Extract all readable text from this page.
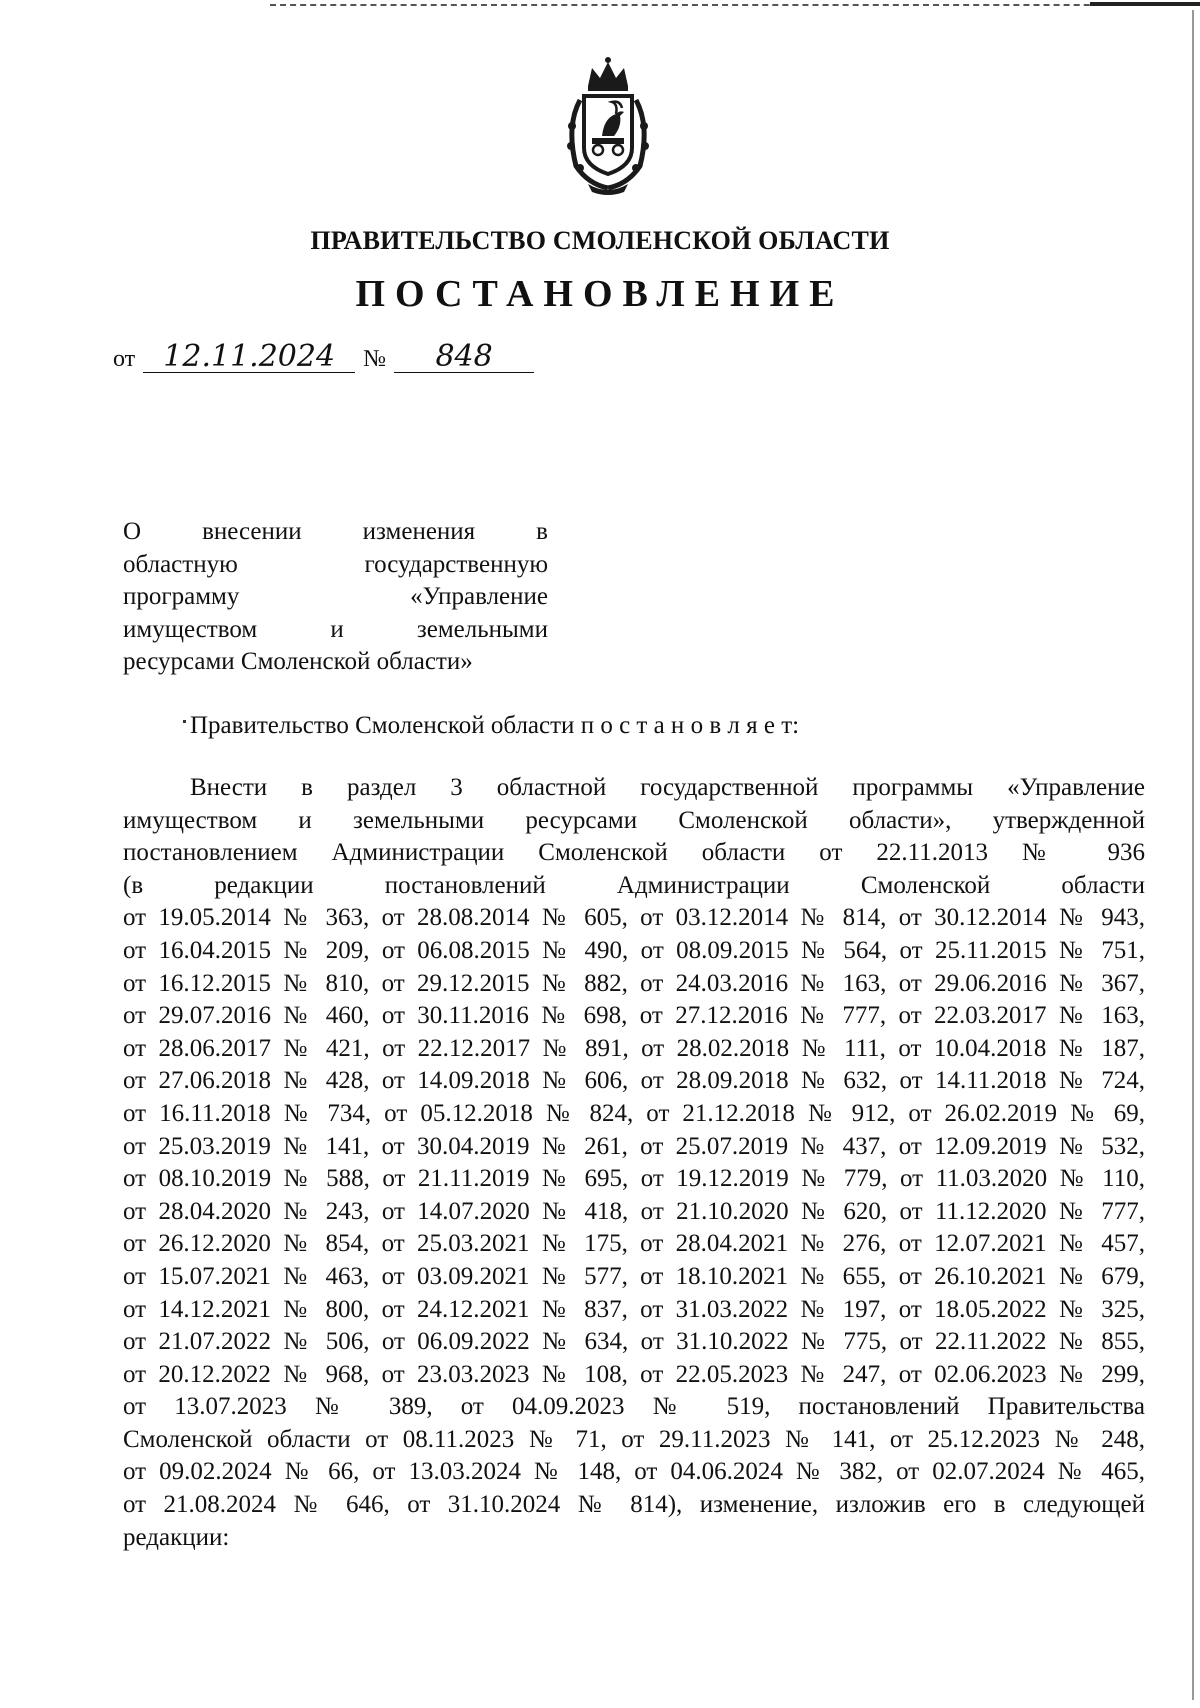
ПРАВИТЕЛЬСТВО СМОЛЕНСКОЙ ОБЛАСТИ
ПОСТАНОВЛЕНИЕ
от 12.11.2024	№	848
О внесении изменения в
областную государственную
программу «Управление
имуществом и земельными
ресурсами Смоленской области»
Правительство Смоленской области п о с т а н о в л я е т:
Внести в раздел 3 областной государственной программы «Управление
имуществом и земельными ресурсами Смоленской области», утвержденной
постановлением Администрации Смоленской области от 22.11.2013 № 936
(в редакции постановлений Администрации Смоленской области
от 19.05.2014 № 363, от 28.08.2014 № 605, от 03.12.2014 № 814, от 30.12.2014 № 943,
от 16.04.2015 № 209, от 06.08.2015 № 490, от 08.09.2015 № 564, от 25.11.2015 № 751,
от 16.12.2015 № 810, от 29.12.2015 № 882, от 24.03.2016 № 163, от 29.06.2016 № 367,
от 29.07.2016 № 460, от 30.11.2016 № 698, от 27.12.2016 № 777, от 22.03.2017 № 163,
от 28.06.2017 № 421, от 22.12.2017 № 891, от 28.02.2018 № 111, от 10.04.2018 № 187,
от 27.06.2018 № 428, от 14.09.2018 № 606, от 28.09.2018 № 632, от 14.11.2018 № 724,
от 16.11.2018 № 734, от 05.12.2018 № 824, от 21.12.2018 № 912, от 26.02.2019 № 69,
от 25.03.2019 № 141, от 30.04.2019 № 261, от 25.07.2019 № 437, от 12.09.2019 № 532,
от 08.10.2019 № 588, от 21.11.2019 № 695, от 19.12.2019 № 779, от 11.03.2020 № 110,
от 28.04.2020 № 243, от 14.07.2020 № 418, от 21.10.2020 № 620, от 11.12.2020 № 777,
от 26.12.2020 № 854, от 25.03.2021 № 175, от 28.04.2021 № 276, от 12.07.2021 № 457,
от 15.07.2021 № 463, от 03.09.2021 № 577, от 18.10.2021 № 655, от 26.10.2021 № 679,
от 14.12.2021 № 800, от 24.12.2021 № 837, от 31.03.2022 № 197, от 18.05.2022 № 325,
от 21.07.2022 № 506, от 06.09.2022 № 634, от 31.10.2022 № 775, от 22.11.2022 № 855,
от 20.12.2022 № 968, от 23.03.2023 № 108, от 22.05.2023 № 247, от 02.06.2023 № 299,
от 13.07.2023 № 389, от 04.09.2023 № 519, постановлений Правительства
Смоленской области от 08.11.2023 № 71, от 29.11.2023 № 141, от 25.12.2023 № 248,
от 09.02.2024 № 66, от 13.03.2024 № 148, от 04.06.2024 № 382, от 02.07.2024 № 465,
от 21.08.2024 № 646, от 31.10.2024 № 814), изменение, изложив его в следующей
редакции:
